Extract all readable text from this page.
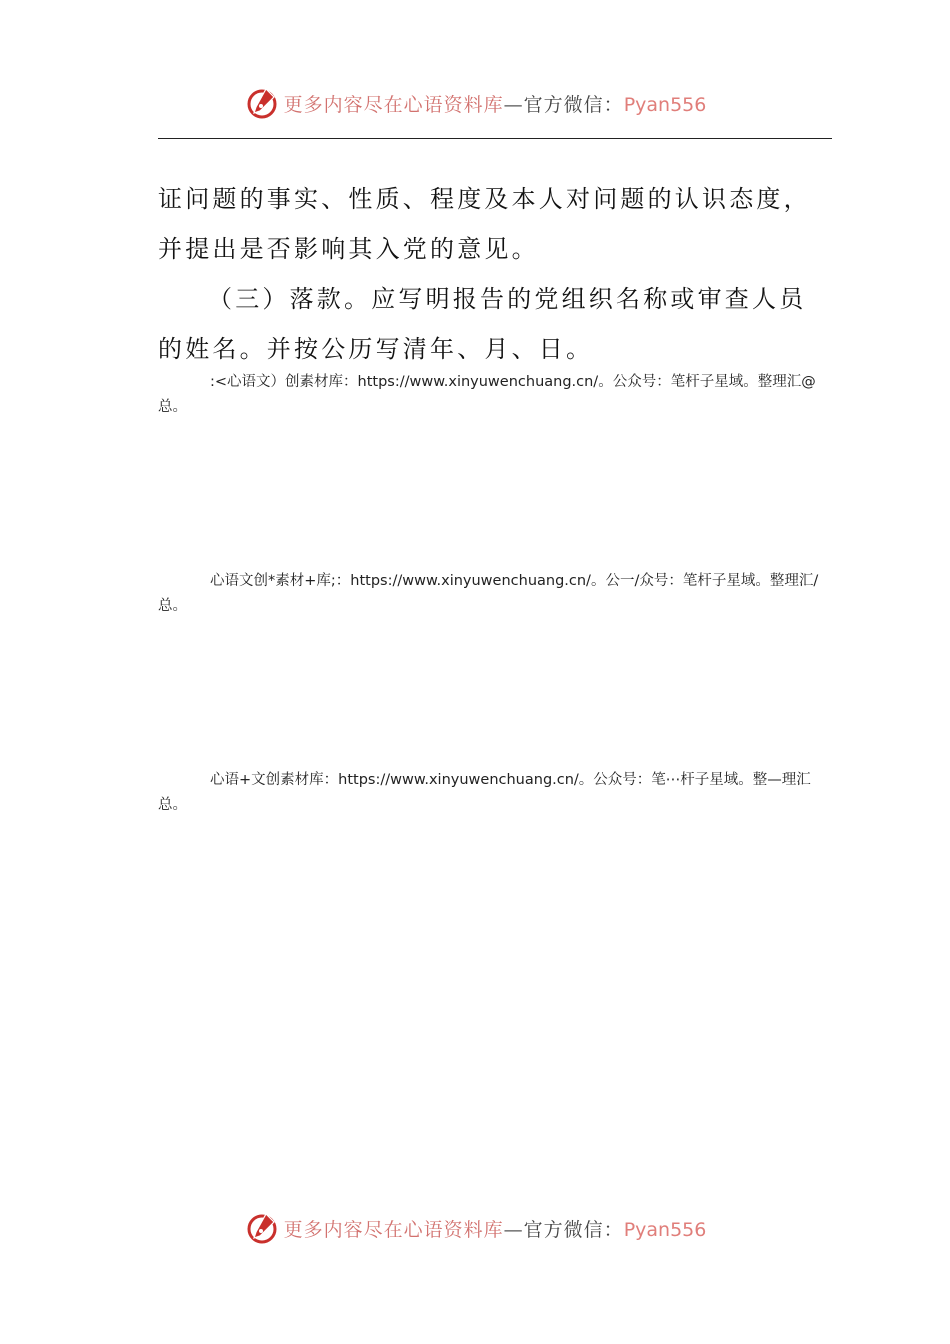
更多内容尽在心语资料库—官方微信：Pyan556
证问题的事实、性质、程度及本人对问题的认识态度，并提出是否影响其入党的意见。
（三）落款。应写明报告的党组织名称或审查人员的姓名。并按公历写清年、月、日。
:<心语文）创素材库：https://www.xinyuwenchuang.cn/。公众号：笔杆子星域。整理汇@总。
心语文创*素材+库;：https://www.xinyuwenchuang.cn/。公一/众号：笔杆子星域。整理汇/总。
心语+文创素材库：https://www.xinyuwenchuang.cn/。公众号：笔⋯杆子星域。整—理汇总。
更多内容尽在心语资料库—官方微信：Pyan556
